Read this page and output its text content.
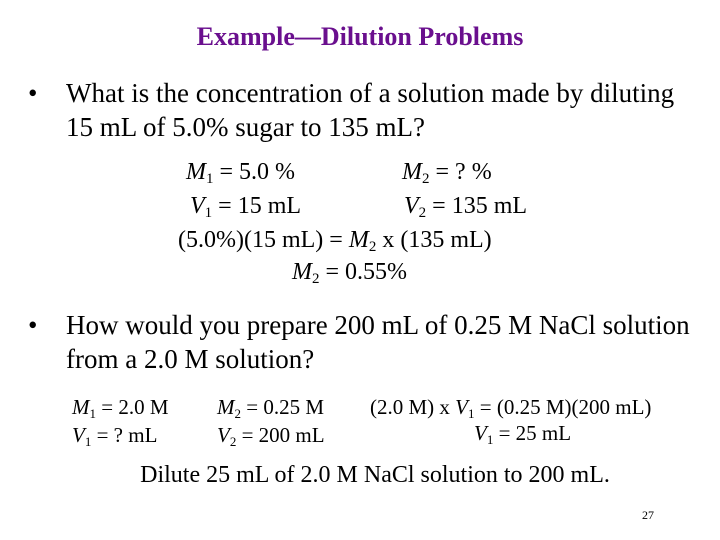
Example—Dilution Problems
• What is the concentration of a solution made by diluting 15 mL of 5.0% sugar to 135 mL?
$M_1 = 5.0$ %	$M_2$ = ? %
$V_1 = 15$ mL	$V_2 = 135$ mL
(5.0%)(15 $mL) = M_2$ x (135 mL)
$M_2 = 0.55\%$
• How would you prepare 200 mL of 0.25 M NaCl solution from a 2.0 M solution?
$M_1 = 2.0$ M
$V_1$ = ? mL
$M_2 = 0.25$ M
$V_2 = 200$ mL
(2.0 M) x $V_1 = (0.25$ M)(200 mL)
$V_1 = 25$ mL
Dilute 25 mL of 2.0 M NaCl solution to 200 mL.
27
